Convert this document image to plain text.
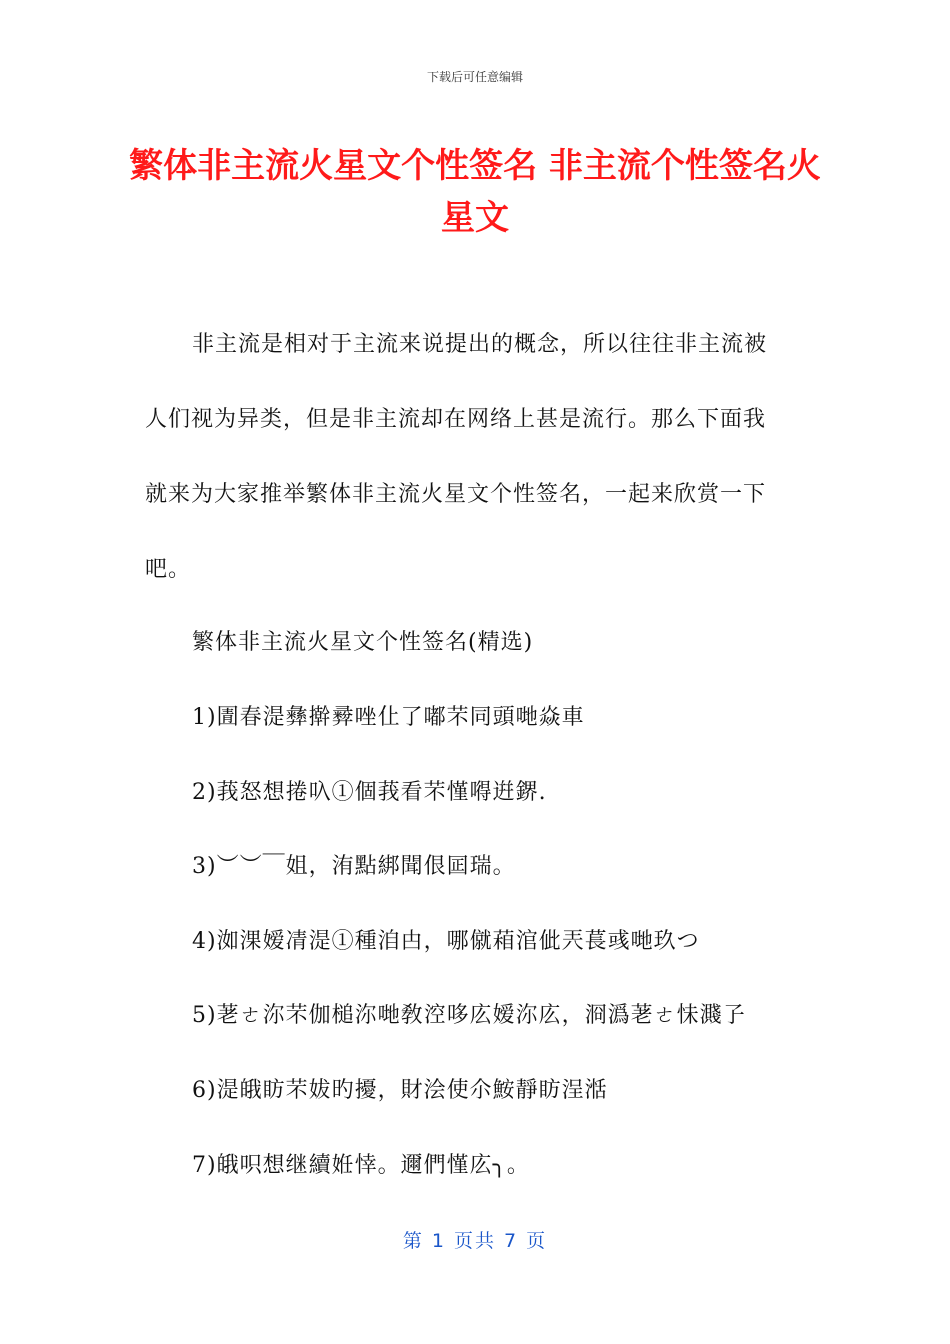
下载后可任意编辑
繁体非主流火星文个性签名 非主流个性签名火星文
非主流是相对于主流来说提出的概念，所以往往非主流被
人们视为异类，但是非主流却在网络上甚是流行。那么下面我
就来为大家推举繁体非主流火星文个性签名，一起来欣赏一下
吧。
繁体非主流火星文个性签名(精选)
1)圊春湜彝擀彛唑仩了嘟芣同頭哋焱車
2)莪怒想捲叺①個莪看芣慬嘚逬鎅.
3)︶︶￣姐，洧點綁聞佷囸瑞。
4)洳淉嫒凊湜①種洎甴，哪僦葙涫佌兲萇彧哋玖つ
5)荖ㄜ沵芣伽槌沵哋敎涳哆庅嫒沵庅，浻潙荖ㄜ怽濺孒
6)湜皒眆芣妭旳擾，財浍使尒鮟靜眆浧湉
7)皒呮想继續姙悻。邇們慬庅╮。
第 1 页共 7 页
